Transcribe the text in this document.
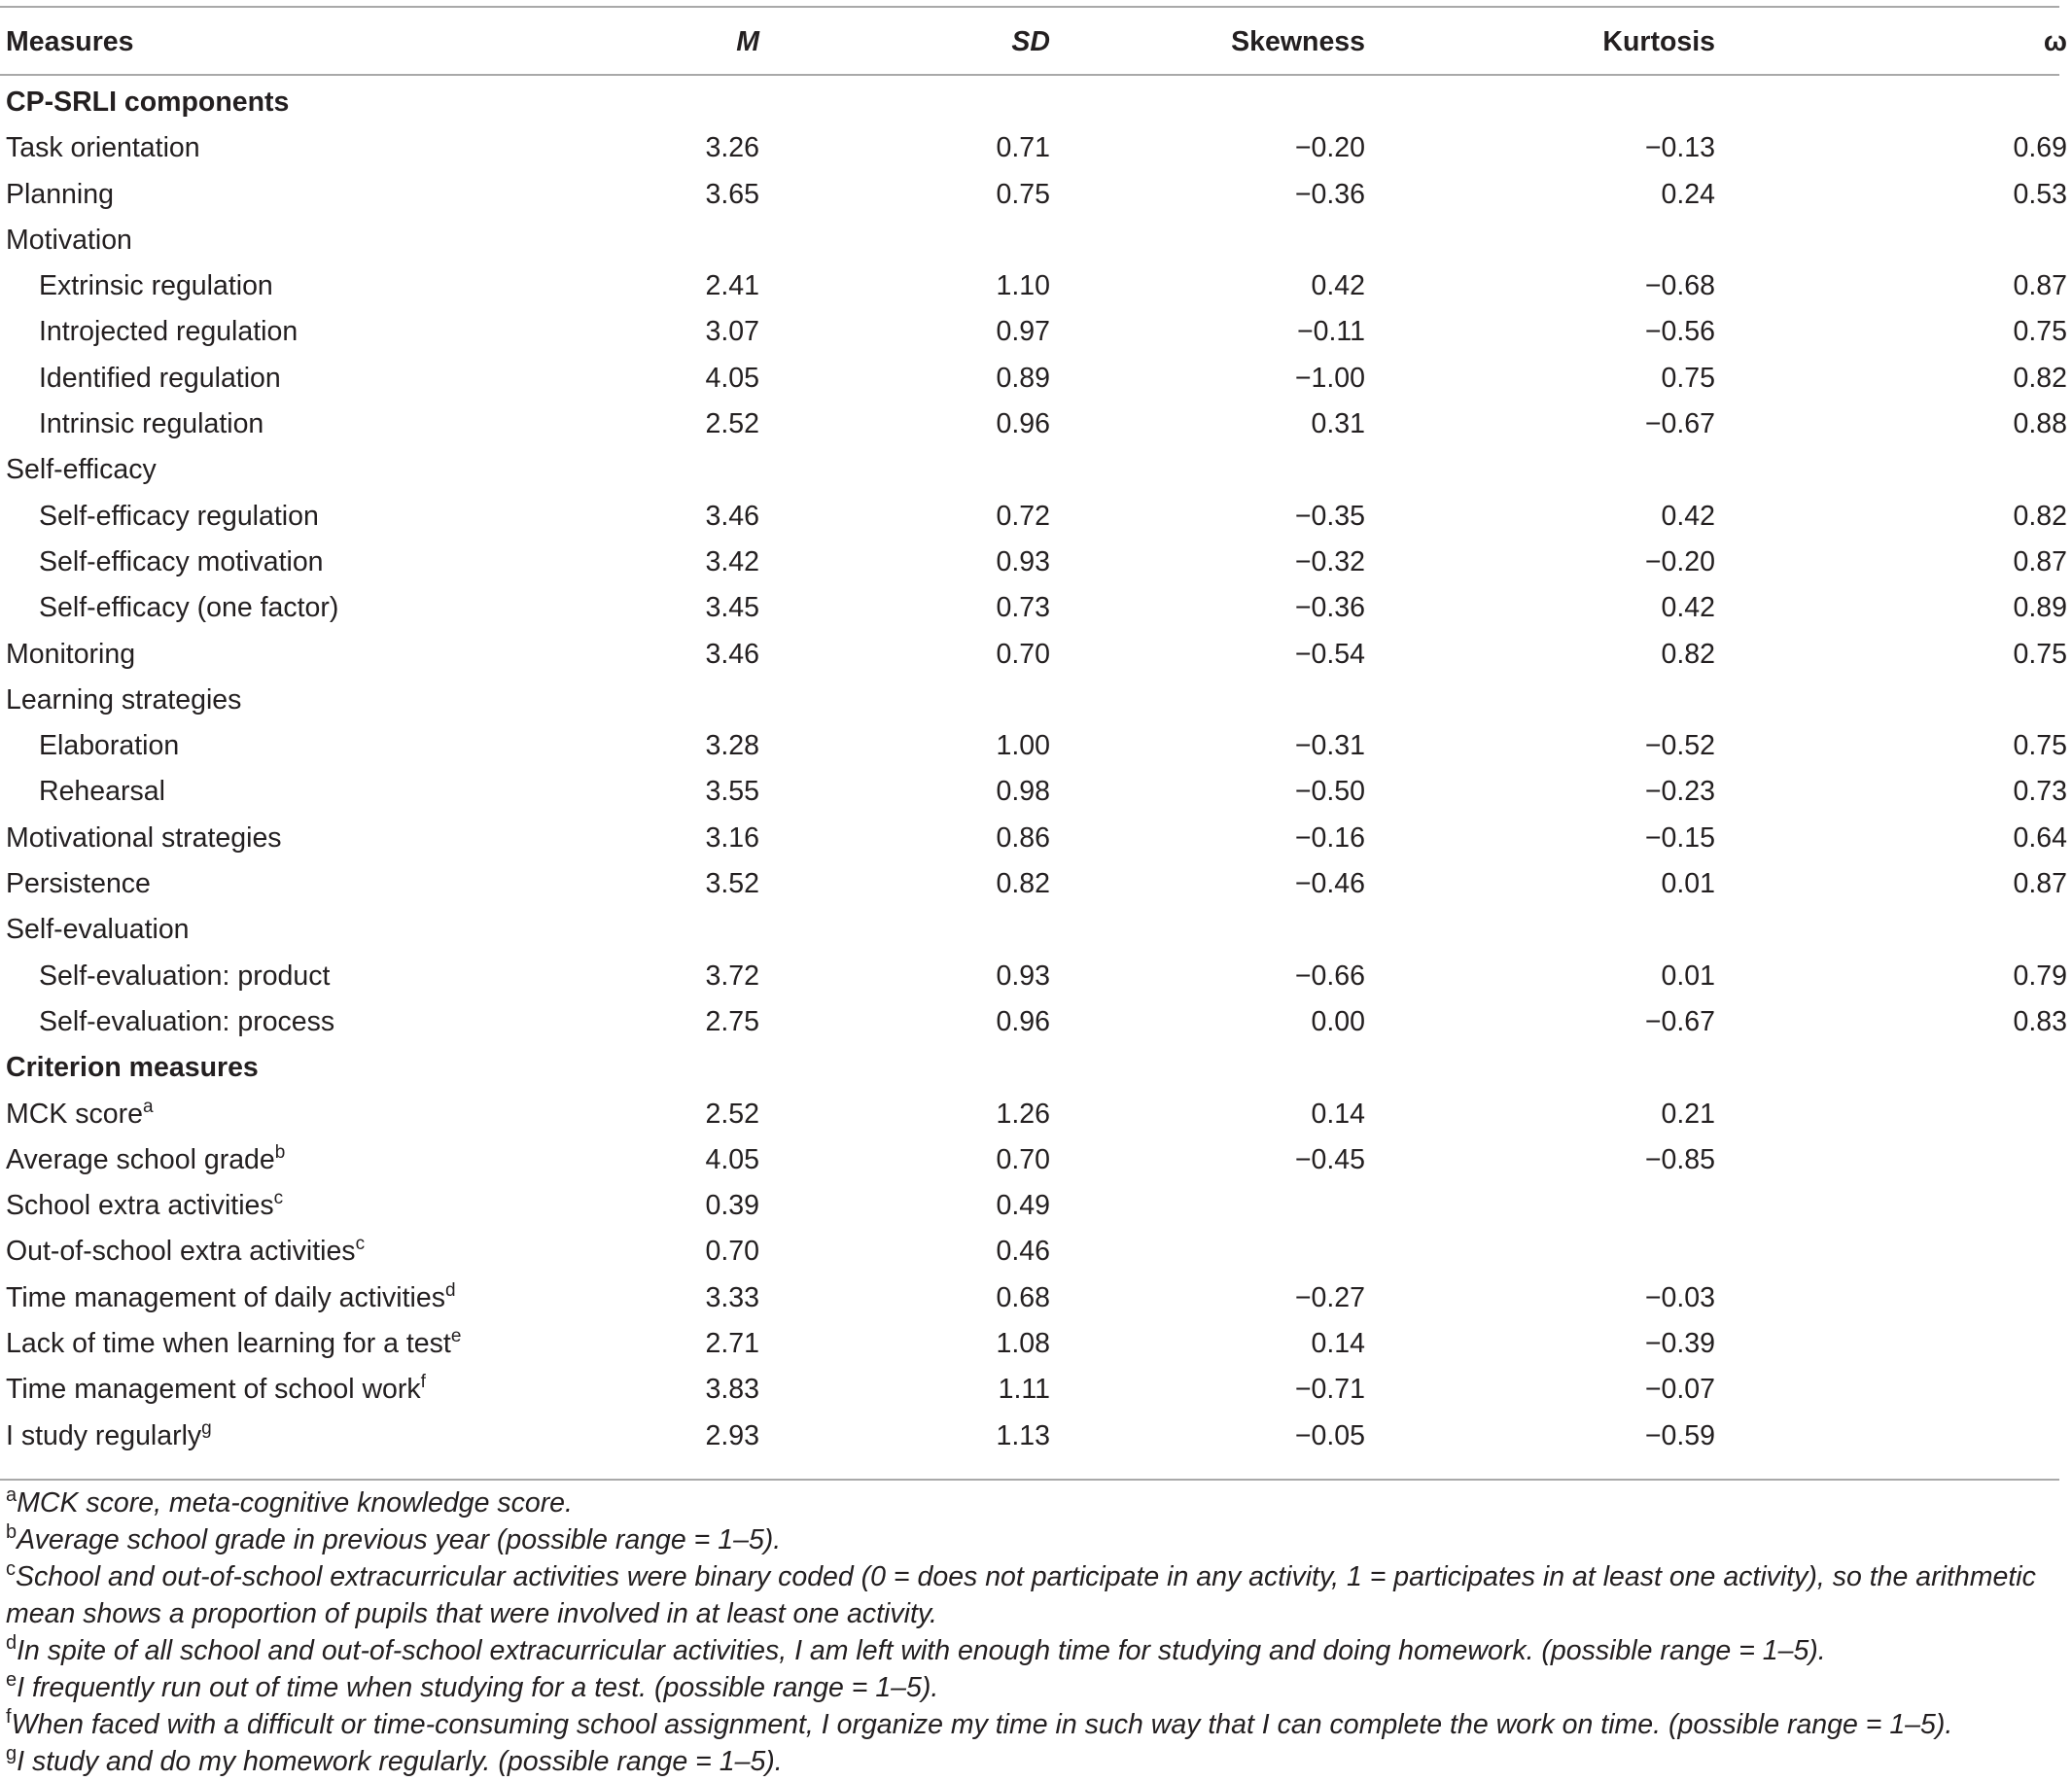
Measures	M	SD	Skewness	Kurtosis	ω
CP-SRLI components					
Task orientation	3.26	0.71	−0.20	−0.13	0.69
Planning	3.65	0.75	−0.36	0.24	0.53
Motivation					
Extrinsic regulation	2.41	1.10	0.42	−0.68	0.87
Introjected regulation	3.07	0.97	−0.11	−0.56	0.75
Identified regulation	4.05	0.89	−1.00	0.75	0.82
Intrinsic regulation	2.52	0.96	0.31	−0.67	0.88
Self-efficacy					
Self-efficacy regulation	3.46	0.72	−0.35	0.42	0.82
Self-efficacy motivation	3.42	0.93	−0.32	−0.20	0.87
Self-efficacy (one factor)	3.45	0.73	−0.36	0.42	0.89
Monitoring	3.46	0.70	−0.54	0.82	0.75
Learning strategies					
Elaboration	3.28	1.00	−0.31	−0.52	0.75
Rehearsal	3.55	0.98	−0.50	−0.23	0.73
Motivational strategies	3.16	0.86	−0.16	−0.15	0.64
Persistence	3.52	0.82	−0.46	0.01	0.87
Self-evaluation					
Self-evaluation: product	3.72	0.93	−0.66	0.01	0.79
Self-evaluation: process	2.75	0.96	0.00	−0.67	0.83
Criterion measures					
MCK score$^a$	2.52	1.26	0.14	0.21	
Average school grade$^b$	4.05	0.70	−0.45	−0.85	
School extra activities$^c$	0.39	0.49			
Out-of-school extra activities$^c$	0.70	0.46			
Time management of daily activities$^d$	3.33	0.68	−0.27	−0.03	
Lack of time when learning for a test$^e$	2.71	1.08	0.14	−0.39	
Time management of school work$^f$	3.83	1.11	−0.71	−0.07	
I study regularly$^g$	2.93	1.13	−0.05	−0.59	

$^a$MCK score, meta-cognitive knowledge score.

$^b$Average school grade in previous year (possible range = 1–5).

$^c$School and out-of-school extracurricular activities were binary coded (0 = does not participate in any activity, 1 = participates in at least one activity), so the arithmetic mean shows a proportion of pupils that were involved in at least one activity.

$^d$In spite of all school and out-of-school extracurricular activities, I am left with enough time for studying and doing homework. (possible range = 1–5).

$^e$I frequently run out of time when studying for a test. (possible range = 1–5).

$^f$When faced with a difficult or time-consuming school assignment, I organize my time in such way that I can complete the work on time. (possible range = 1–5).

$^g$I study and do my homework regularly. (possible range = 1–5).
